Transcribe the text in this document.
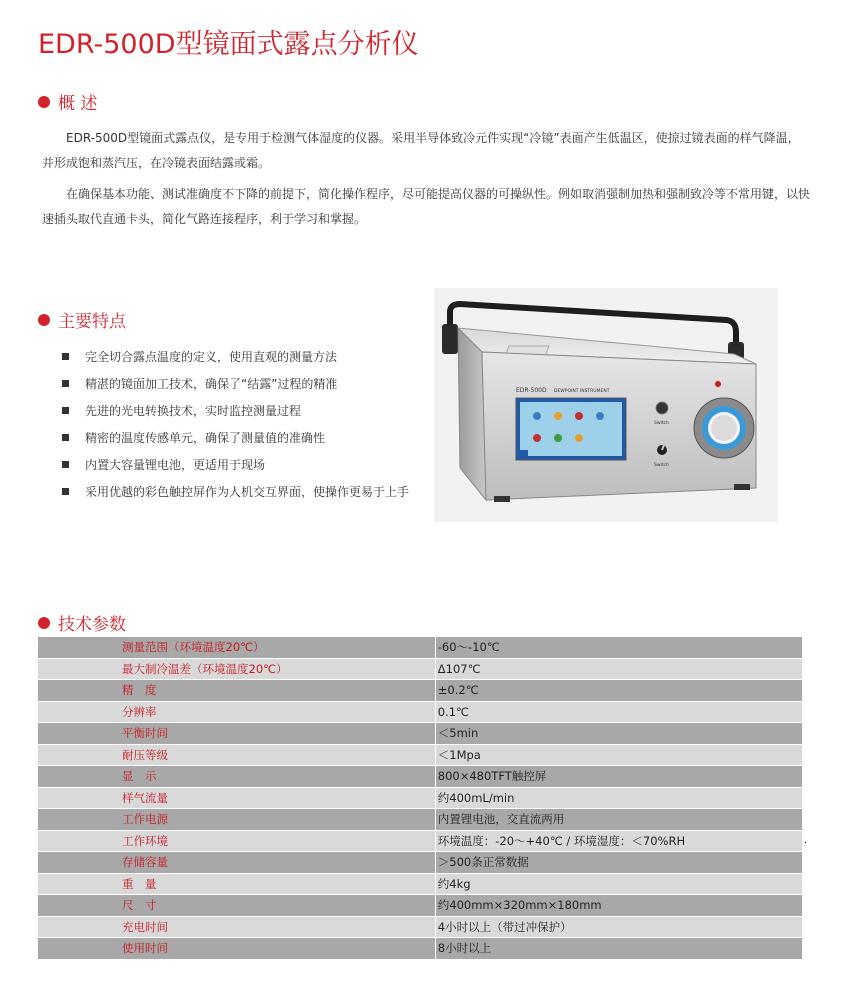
EDR-500D型镜面式露点分析仪
概 述

EDR-500D型镜面式露点仪，是专用于检测气体湿度的仪器。采用半导体致冷元件实现“冷镜”表面产生低温区，使掠过镜表面的样气降温，并形成饱和蒸汽压，在冷镜表面结露或霜。

在确保基本功能、测试准确度不下降的前提下，简化操作程序，尽可能提高仪器的可操纵性。例如取消强制加热和强制致冷等不常用键，以快速插头取代直通卡头，简化气路连接程序，利于学习和掌握。

主要特点
完全切合露点温度的定义，使用直观的测量方法
精湛的镜面加工技术，确保了“结露”过程的精准
先进的光电转换技术，实时监控测量过程
精密的温度传感单元，确保了测量值的准确性
内置大容量锂电池，更适用于现场
采用优越的彩色触控屏作为人机交互界面，使操作更易于上手
EDR-500D DEWPOINT INSTRUMENT
Switch
Switch
技术参数
测量范围（环境温度20℃）	-60～-10℃
最大制冷温差（环境温度20℃）	Δ107℃
精　度	±0.2℃
分辨率	0.1℃
平衡时间	＜5min
耐压等级	＜1Mpa
显　示	800×480TFT触控屏
样气流量	约400mL/min
工作电源	内置锂电池，交直流两用
工作环境	环境温度：-20～+40℃ / 环境湿度：＜70%RH
存储容量	＞500条正常数据
重　量	约4kg
尺　寸	约400mm×320mm×180mm
充电时间	4小时以上（带过冲保护）
使用时间	8小时以上
·
